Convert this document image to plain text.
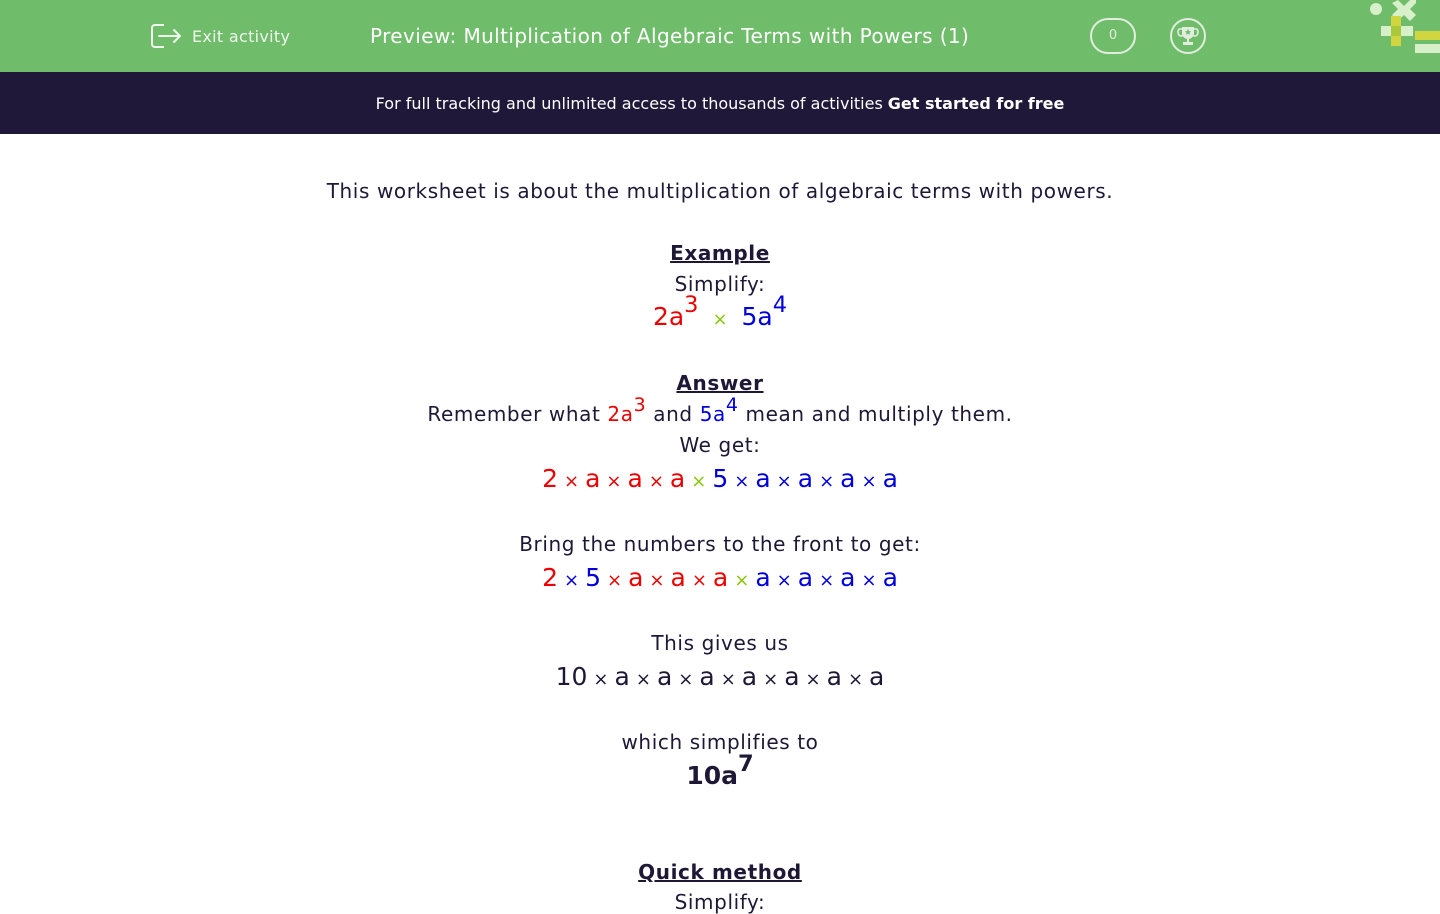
Exit activity	Preview: Multiplication of Algebraic Terms with Powers (1)	0
For full tracking and unlimited access to thousands of activities Get started for free
This worksheet is about the multiplication of algebraic terms with powers.
Example
Simplify:
$2a^3 \times 5a^4$
Answer
Remember what $2a^3$ and $5a^4$ mean and multiply them.
We get:
2 × a × a × a × 5 × a × a × a × a
Bring the numbers to the front to get:
2 × 5 × a × a × a × a × a × a × a
This gives us
10 × a × a × a × a × a × a × a
which simplifies to
$10a^7$
Quick method
Simplify:
